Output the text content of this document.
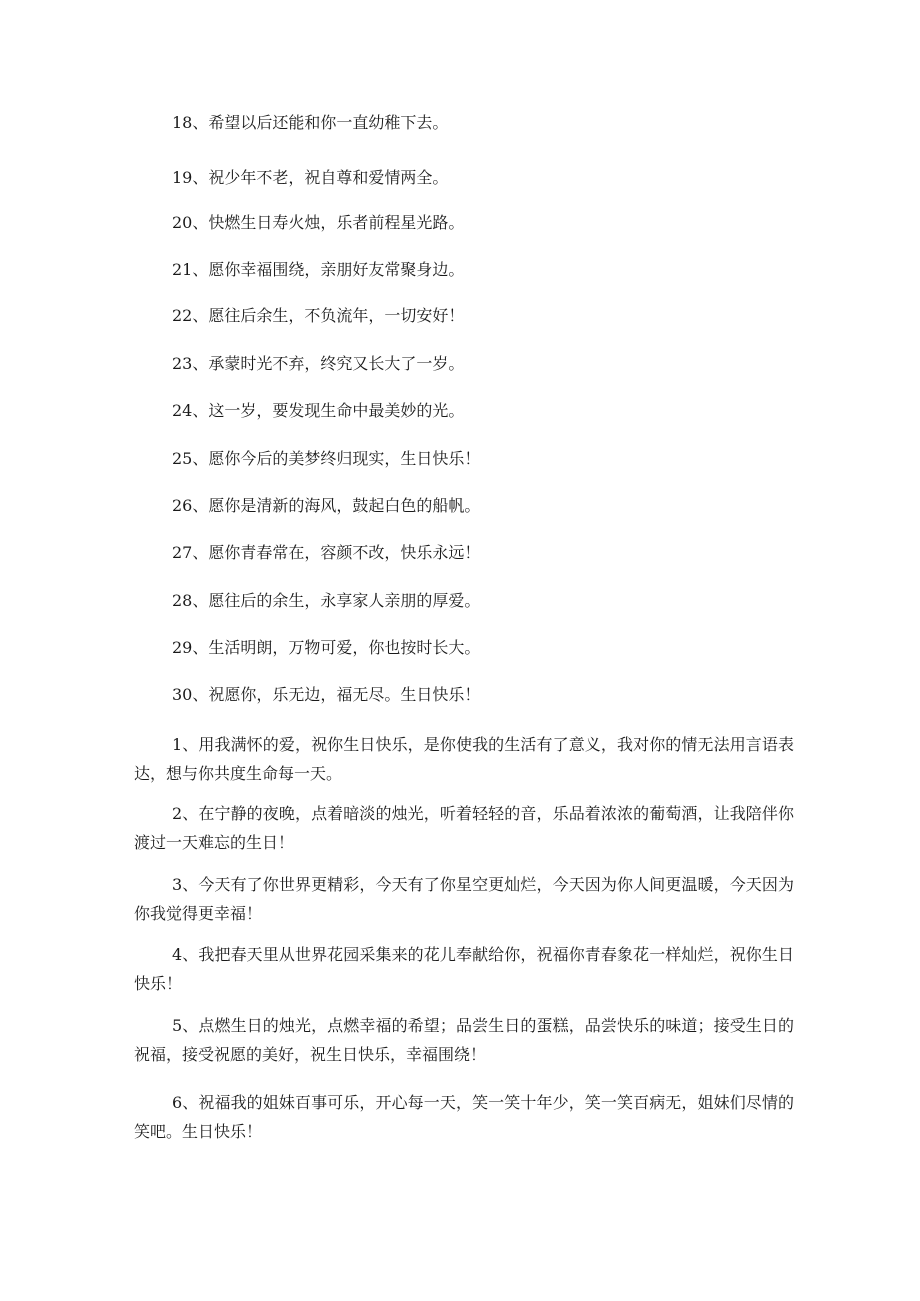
18、希望以后还能和你一直幼稚下去。
19、祝少年不老，祝自尊和爱情两全。
20、快燃生日寿火烛，乐者前程星光路。
21、愿你幸福围绕，亲朋好友常聚身边。
22、愿往后余生，不负流年，一切安好！
23、承蒙时光不弃，终究又长大了一岁。
24、这一岁，要发现生命中最美妙的光。
25、愿你今后的美梦终归现实，生日快乐！
26、愿你是清新的海风，鼓起白色的船帆。
27、愿你青春常在，容颜不改，快乐永远！
28、愿往后的余生，永享家人亲朋的厚爱。
29、生活明朗，万物可爱，你也按时长大。
30、祝愿你，乐无边，福无尽。生日快乐！
1、用我满怀的爱，祝你生日快乐，是你使我的生活有了意义，我对你的情无法用言语表达，想与你共度生命每一天。
2、在宁静的夜晚，点着暗淡的烛光，听着轻轻的音，乐品着浓浓的葡萄酒，让我陪伴你渡过一天难忘的生日！
3、今天有了你世界更精彩，今天有了你星空更灿烂，今天因为你人间更温暖，今天因为你我觉得更幸福！
4、我把春天里从世界花园采集来的花儿奉献给你，祝福你青春象花一样灿烂，祝你生日快乐！
5、点燃生日的烛光，点燃幸福的希望；品尝生日的蛋糕，品尝快乐的味道；接受生日的祝福，接受祝愿的美好，祝生日快乐，幸福围绕！
6、祝福我的姐妹百事可乐，开心每一天，笑一笑十年少，笑一笑百病无，姐妹们尽情的笑吧。生日快乐！
